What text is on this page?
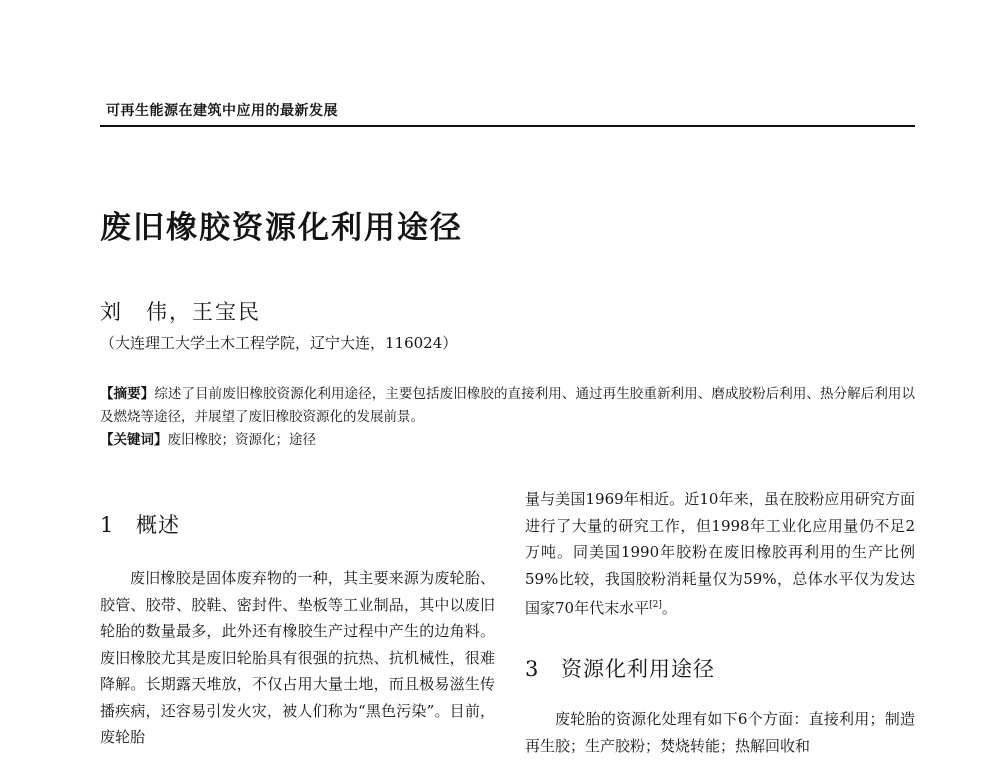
可再生能源在建筑中应用的最新发展
废旧橡胶资源化利用途径
刘　伟，王宝民
（大连理工大学土木工程学院，辽宁大连，116024）

【摘要】综述了目前废旧橡胶资源化利用途径，主要包括废旧橡胶的直接利用、通过再生胶重新利用、磨成胶粉后利用、热分解后利用以及燃烧等途径，并展望了废旧橡胶资源化的发展前景。

【关键词】废旧橡胶；资源化；途径

1 概述

废旧橡胶是固体废弃物的一种，其主要来源为废轮胎、胶管、胶带、胶鞋、密封件、垫板等工业制品，其中以废旧轮胎的数量最多，此外还有橡胶生产过程中产生的边角料。废旧橡胶尤其是废旧轮胎具有很强的抗热、抗机械性，很难降解。长期露天堆放，不仅占用大量土地，而且极易滋生传播疾病，还容易引发火灾，被人们称为“黑色污染”。目前，废轮胎

量与美国1969年相近。近10年来，虽在胶粉应用研究方面进行了大量的研究工作，但1998年工业化应用量仍不足2万吨。同美国1990年胶粉在废旧橡胶再利用的生产比例59%比较，我国胶粉消耗量仅为59%，总体水平仅为发达国家70年代末水平[2]。

3 资源化利用途径

废轮胎的资源化处理有如下6个方面：直接利用；制造再生胶；生产胶粉；焚烧转能；热解回收和
